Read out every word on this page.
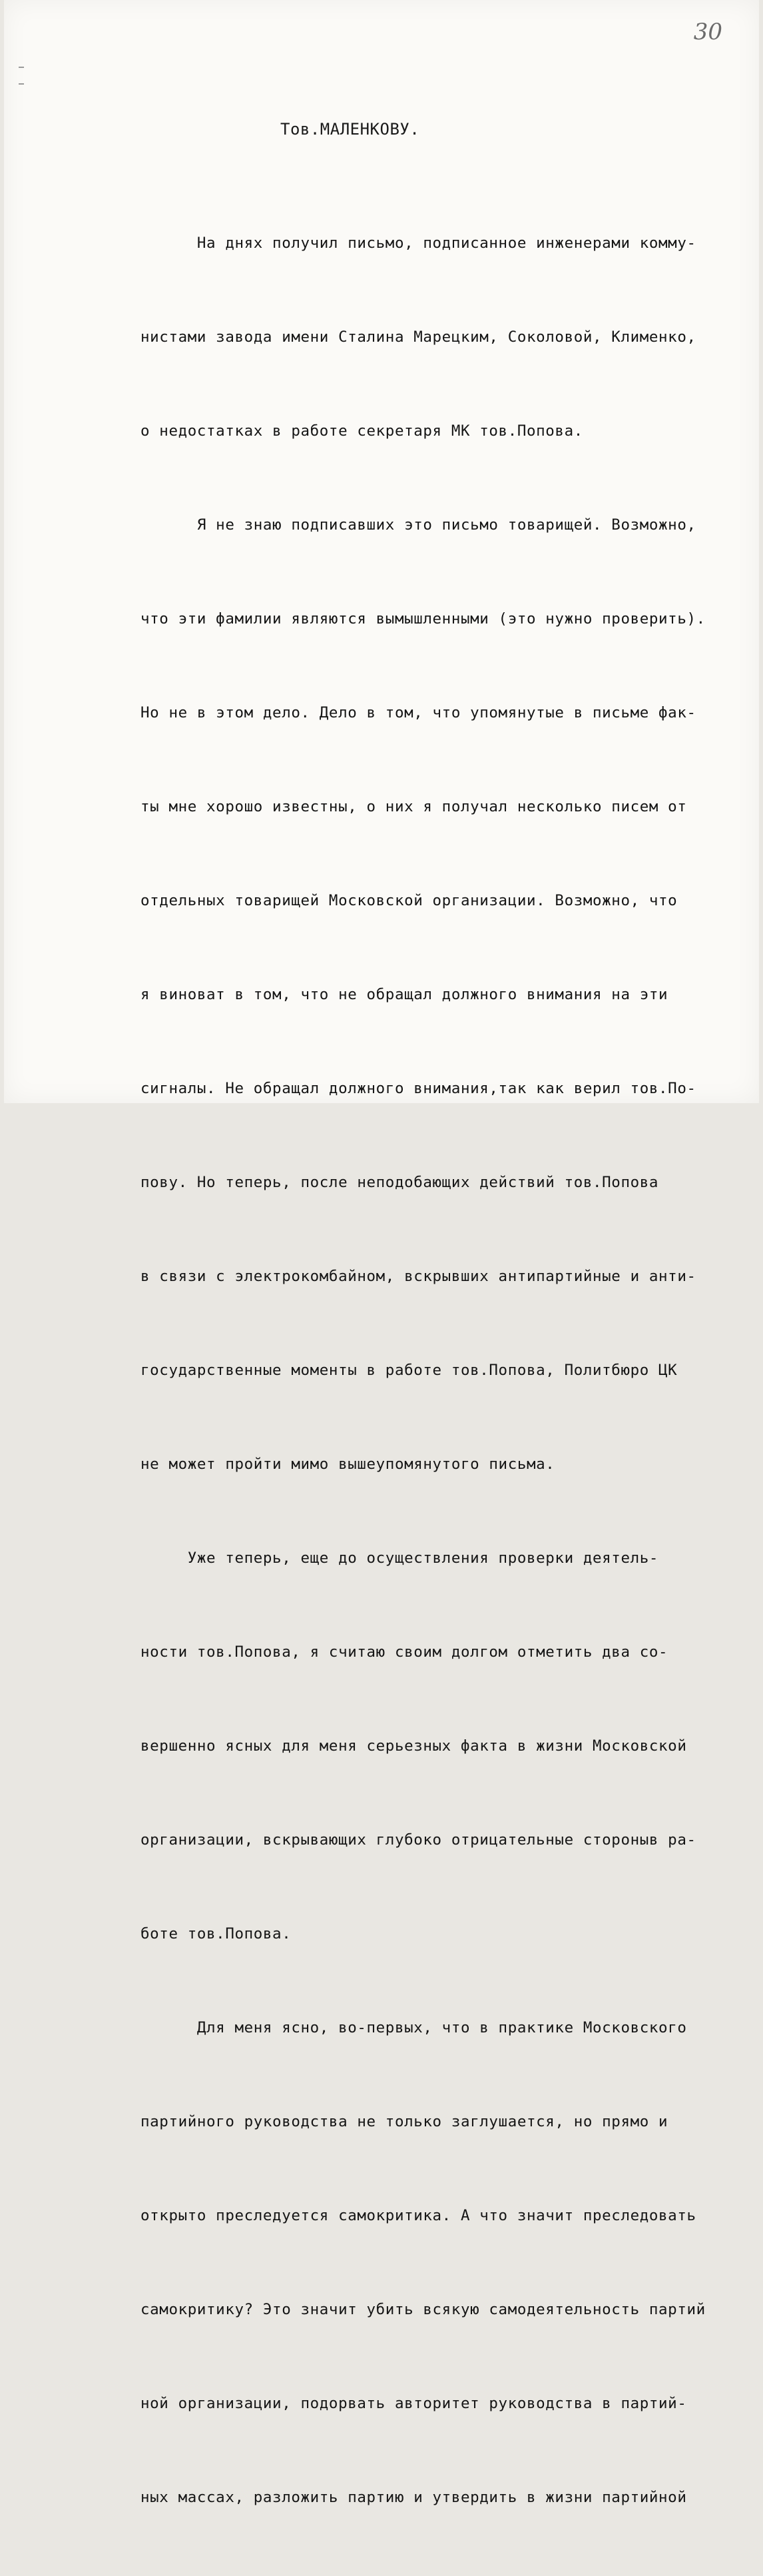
30
Тов.МАЛЕНКОВУ.

На днях получил письмо, подписанное инженерами комму-

нистами завода имени Сталина Марецким, Соколовой, Клименко,

о недостатках в работе секретаря МК тов.Попова.

Я не знаю подписавших это письмо товарищей. Возможно,

что эти фамилии являются вымышленными (это нужно проверить).

Но не в этом дело. Дело в том, что упомянутые в письме фак-

ты мне хорошо известны, о них я получал несколько писем от

отдельных товарищей Московской организации. Возможно, что

я виноват в том, что не обращал должного внимания на эти

сигналы. Не обращал должного внимания,так как верил тов.По-

пову. Но теперь, после неподобающих действий тов.Попова

в связи с электрокомбайном, вскрывших антипартийные и анти-

государственные моменты в работе тов.Попова, Политбюро ЦК

не может пройти мимо вышеупомянутого письма.

Уже теперь, еще до осуществления проверки деятель-

ности тов.Попова, я считаю своим долгом отметить два со-

вершенно ясных для меня серьезных факта в жизни Московской

организации, вскрывающих глубоко отрицательные стороныв ра-

боте тов.Попова.

Для меня ясно, во-первых, что в практике Московского

партийного руководства не только заглушается, но прямо и

открыто преследуется самокритика. А что значит преследовать

самокритику? Это значит убить всякую самодеятельность партий

ной организации, подорвать авторитет руководства в партий-

ных массах, разложить партию и утвердить в жизни партийной
